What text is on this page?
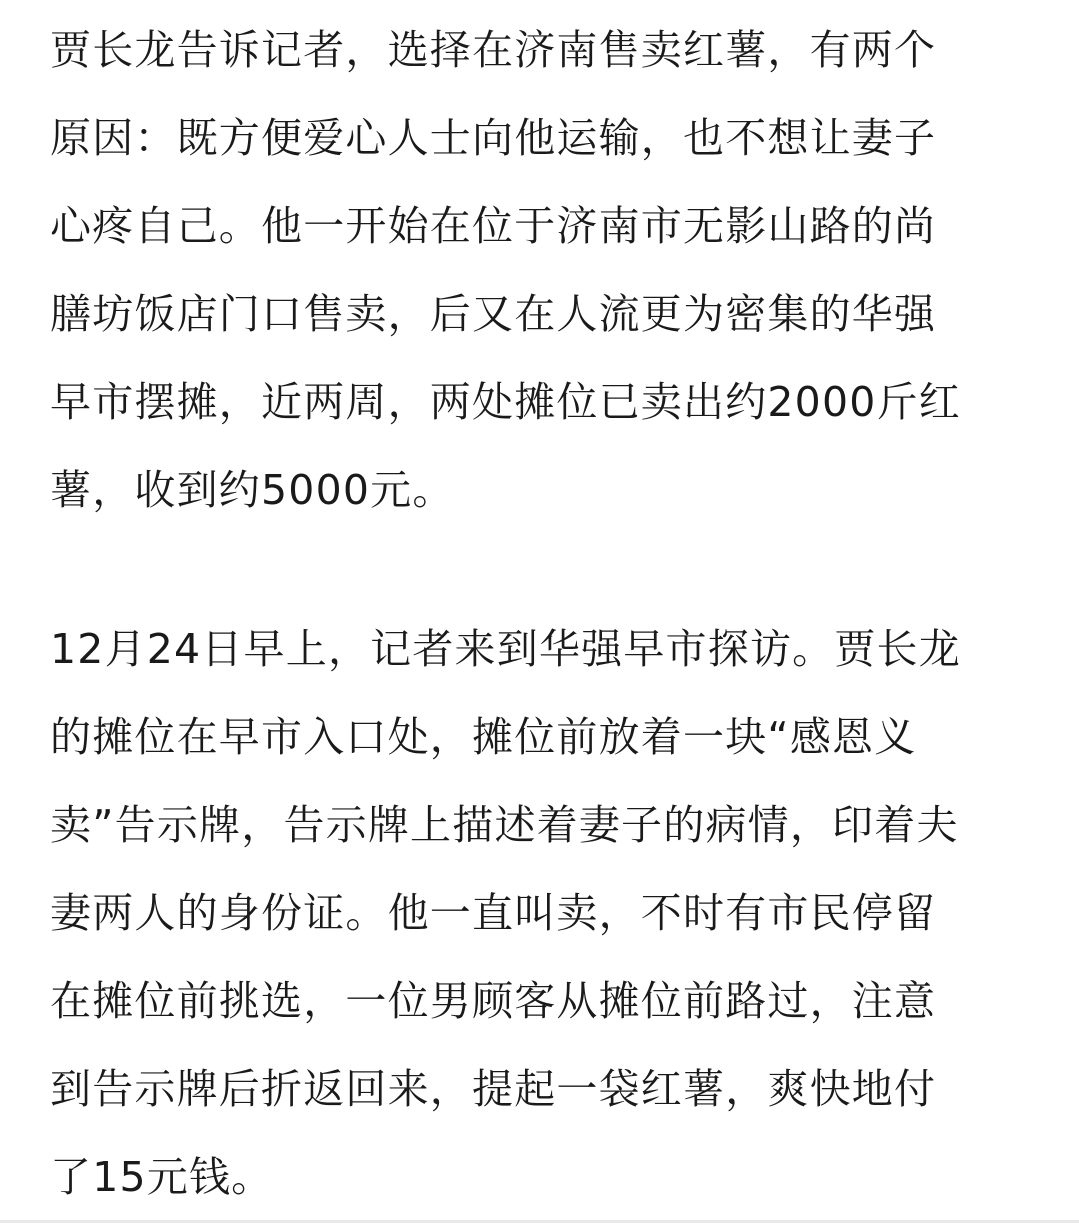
贾长龙告诉记者，选择在济南售卖红薯，有两个
原因：既方便爱心人士向他运输，也不想让妻子
心疼自己。他一开始在位于济南市无影山路的尚
膳坊饭店门口售卖，后又在人流更为密集的华强
早市摆摊，近两周，两处摊位已卖出约2000斤红
薯，收到约5000元。
12月24日早上，记者来到华强早市探访。贾长龙
的摊位在早市入口处，摊位前放着一块“感恩义
卖”告示牌，告示牌上描述着妻子的病情，印着夫
妻两人的身份证。他一直叫卖，不时有市民停留
在摊位前挑选，一位男顾客从摊位前路过，注意
到告示牌后折返回来，提起一袋红薯，爽快地付
了15元钱。
